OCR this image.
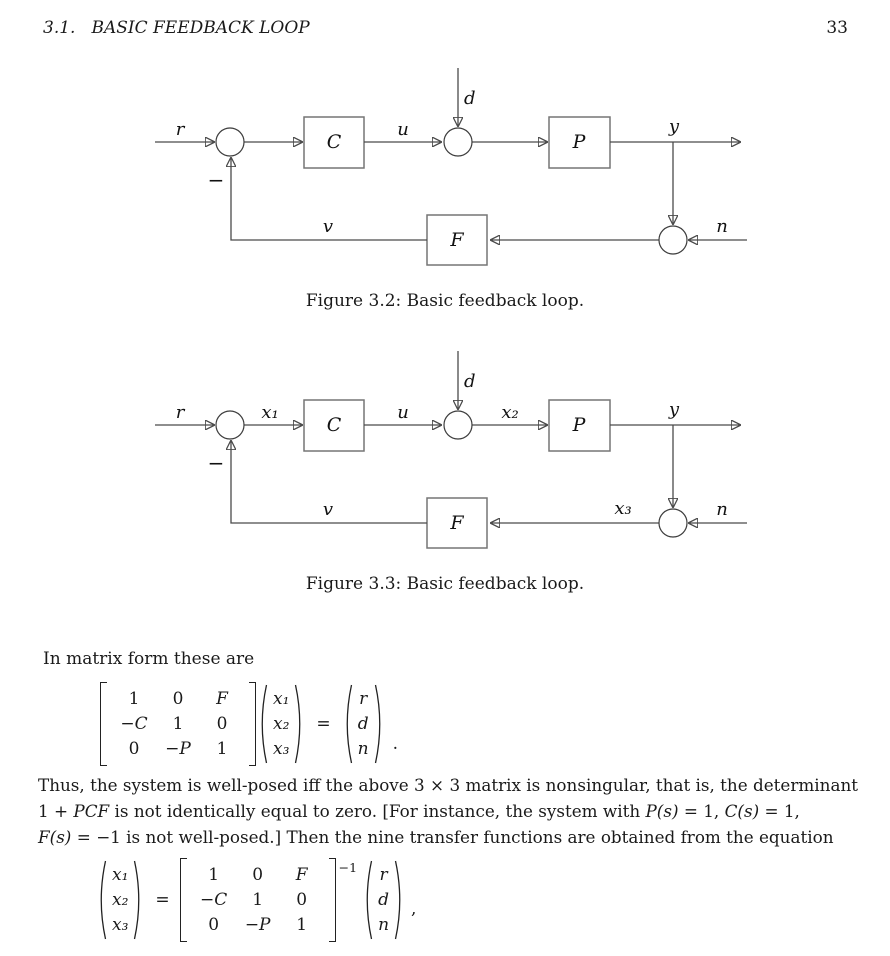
3.1. BASIC FEEDBACK LOOP	33
r	u
d
y
n
v
−
C	P
F
Figure 3.2: Basic feedback loop.
r	x₁	u
d
x₂	y
x₃	n
v
−
C	P
F
Figure 3.3: Basic feedback loop.
In matrix form these are
1	0	F
−C	1	0
0	−P	1
x₁
x₂
x₃
=
r
d
n .
Thus, the system is well-posed iff the above 3 × 3 matrix is nonsingular, that is, the determinant
1 + PCF is not identically equal to zero. [For instance, the system with P(s) = 1, C(s) = 1,
F(s) = −1 is not well-posed.] Then the nine transfer functions are obtained from the equation
x₁
x₂
x₃
=
1	0	F
−C	1	0
0	−P	1
−1 r
d
n
,
